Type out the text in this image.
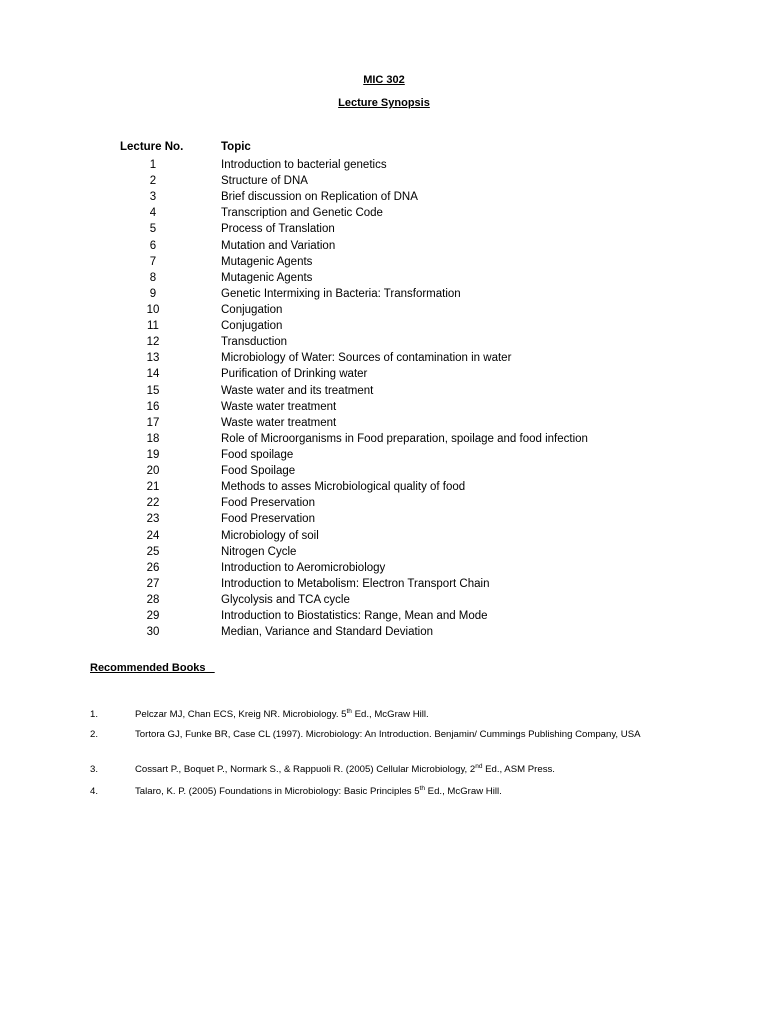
MIC 302
Lecture Synopsis
Lecture No.	Topic
1	Introduction to bacterial genetics
2	Structure of DNA
3	Brief discussion on Replication of DNA
4	Transcription and Genetic Code
5	Process of Translation
6	Mutation and Variation
7	Mutagenic Agents
8	Mutagenic Agents
9	Genetic Intermixing in Bacteria: Transformation
10	Conjugation
11	Conjugation
12	Transduction
13	Microbiology of Water: Sources of contamination in water
14	Purification of Drinking water
15	Waste water and its treatment
16	Waste water treatment
17	Waste water treatment
18	Role of Microorganisms in Food preparation, spoilage and food infection
19	Food spoilage
20	Food Spoilage
21	Methods to asses Microbiological quality of food
22	Food Preservation
23	Food Preservation
24	Microbiology of soil
25	Nitrogen Cycle
26	Introduction to Aeromicrobiology
27	Introduction to Metabolism: Electron Transport Chain
28	Glycolysis and TCA cycle
29	Introduction to Biostatistics: Range, Mean and Mode
30	Median, Variance and Standard Deviation
Recommended Books
1.	Pelczar MJ, Chan ECS, Kreig NR. Microbiology. 5th Ed., McGraw Hill.
2.	Tortora GJ, Funke BR, Case CL (1997). Microbiology: An Introduction. Benjamin/ Cummings Publishing Company, USA
3.	Cossart P., Boquet P., Normark S., & Rappuoli R. (2005) Cellular Microbiology, 2nd Ed., ASM Press.
4.	Talaro, K. P. (2005) Foundations in Microbiology: Basic Principles 5th Ed., McGraw Hill.
